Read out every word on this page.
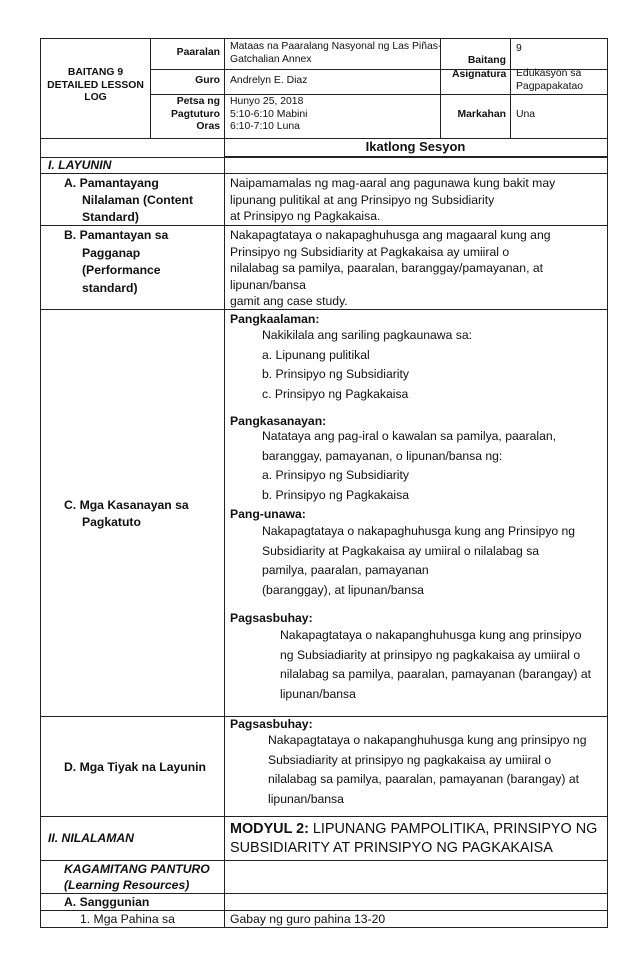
BAITANG 9
DETAILED LESSON
LOG
Paaralan
Mataas na Paaralang Nasyonal ng Las Piñas-
Gatchalian Annex	Baitang
9
Guro Andrelyn E. Diaz
Asignatura Edukasyon sa
Pagpapakatao
Petsa ng
Pagtuturo
Oras
Hunyo 25, 2018
5:10-6:10 Mabini
6:10-7:10 Luna
Markahan Una
Ikatlong Sesyon
I. LAYUNIN
A. Pamantayang
Nilalaman (Content
Standard)
Naipamamalas ng mag-aaral ang pagunawa kung bakit may
lipunang pulitikal at ang Prinsipyo ng Subsidiarity
at Prinsipyo ng Pagkakaisa.
B. Pamantayan sa
Pagganap
(Performance
standard)
Nakapagtataya o nakapaghuhusga ang magaaral kung ang
Prinsipyo ng Subsidiarity at Pagkakaisa ay umiiral o
nilalabag sa pamilya, paaralan, baranggay/pamayanan, at
lipunan/bansa
gamit ang case study.
C. Mga Kasanayan sa
Pagkatuto
Pangkaalaman:
Nakikilala ang sariling pagkaunawa sa:
a. Lipunang pulitikal
b. Prinsipyo ng Subsidiarity
c. Prinsipyo ng Pagkakaisa
Pangkasanayan:
Natataya ang pag-iral o kawalan sa pamilya, paaralan,
baranggay, pamayanan, o lipunan/bansa ng:
a. Prinsipyo ng Subsidiarity
b. Prinsipyo ng Pagkakaisa
Pang-unawa:
Nakapagtataya o nakapaghuhusga kung ang Prinsipyo ng
Subsidiarity at Pagkakaisa ay umiiral o nilalabag sa
pamilya, paaralan, pamayanan
(baranggay), at lipunan/bansa
Pagsasbuhay:
Nakapagtataya o nakapanghuhusga kung ang prinsipyo
ng Subsiadiarity at prinsipyo ng pagkakaisa ay umiiral o
nilalabag sa pamilya, paaralan, pamayanan (barangay) at
lipunan/bansa
D. Mga Tiyak na Layunin
Pagsasbuhay:
Nakapagtataya o nakapanghuhusga kung ang prinsipyo ng
Subsiadiarity at prinsipyo ng pagkakaisa ay umiiral o
nilalabag sa pamilya, paaralan, pamayanan (barangay) at
lipunan/bansa
II. NILALAMAN
MODYUL 2: LIPUNANG PAMPOLITIKA, PRINSIPYO NG
SUBSIDIARITY AT PRINSIPYO NG PAGKAKAISA
KAGAMITANG PANTURO
(Learning Resources)
A. Sanggunian
1. Mga Pahina sa	Gabay ng guro pahina 13-20
